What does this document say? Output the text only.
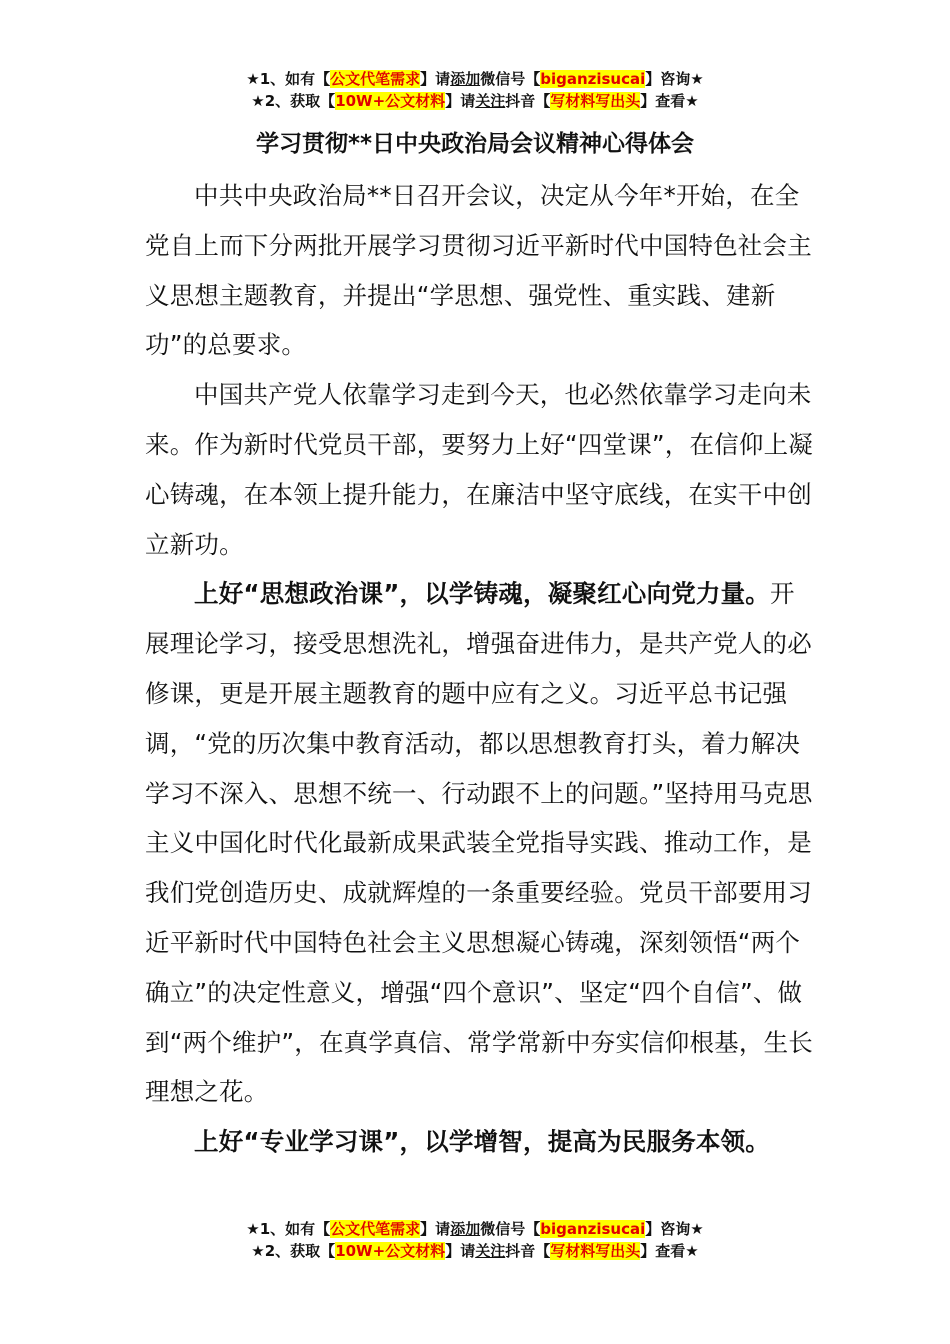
★1、如有【公文代笔需求】请添加微信号【biganzisucai】咨询★
★2、获取【10W+公文材料】请关注抖音【写材料写出头】查看★
学习贯彻**日中央政治局会议精神心得体会

中共中央政治局**日召开会议，决定从今年*开始，在全党自上而下分两批开展学习贯彻习近平新时代中国特色社会主义思想主题教育，并提出“学思想、强党性、重实践、建新功”的总要求。

中国共产党人依靠学习走到今天，也必然依靠学习走向未来。作为新时代党员干部，要努力上好“四堂课”，在信仰上凝心铸魂，在本领上提升能力，在廉洁中坚守底线，在实干中创立新功。

上好“思想政治课”，以学铸魂，凝聚红心向党力量。开展理论学习，接受思想洗礼，增强奋进伟力，是共产党人的必修课，更是开展主题教育的题中应有之义。习近平总书记强调，“党的历次集中教育活动，都以思想教育打头，着力解决学习不深入、思想不统一、行动跟不上的问题。”坚持用马克思主义中国化时代化最新成果武装全党指导实践、推动工作，是我们党创造历史、成就辉煌的一条重要经验。党员干部要用习近平新时代中国特色社会主义思想凝心铸魂，深刻领悟“两个确立”的决定性意义，增强“四个意识”、坚定“四个自信”、做到“两个维护”，在真学真信、常学常新中夯实信仰根基，生长理想之花。

上好“专业学习课”，以学增智，提高为民服务本领。

★1、如有【公文代笔需求】请添加微信号【biganzisucai】咨询★
★2、获取【10W+公文材料】请关注抖音【写材料写出头】查看★
